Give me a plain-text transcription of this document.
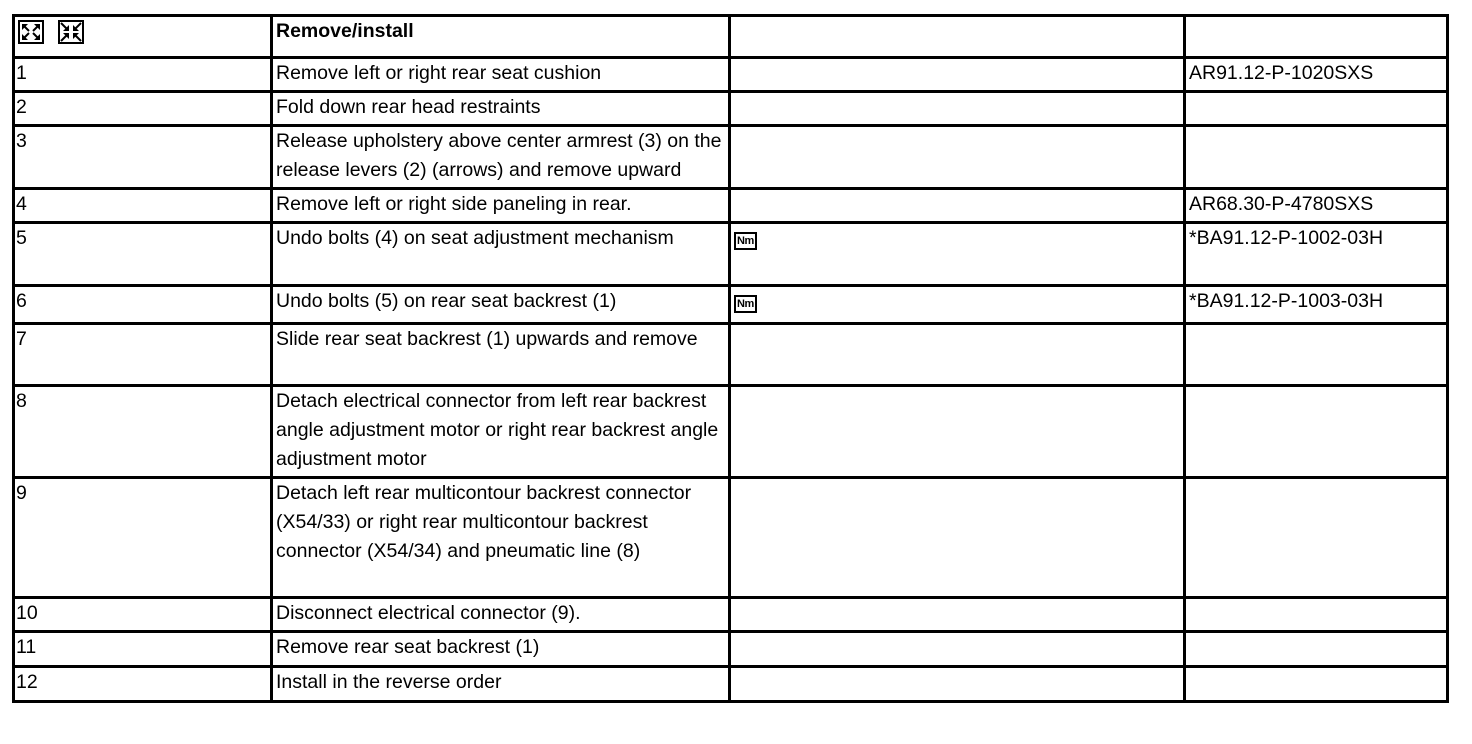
	Remove/install		
1	Remove left or right rear seat cushion		AR91.12-P-1020SXS
2	Fold down rear head restraints		
3	Release upholstery above center armrest (3) on the release levers (2) (arrows) and remove upward		
4	Remove left or right side paneling in rear.		AR68.30-P-4780SXS
5	Undo bolts (4) on seat adjustment mechanism	Nm	*BA91.12-P-1002-03H
6	Undo bolts (5) on rear seat backrest (1)	Nm	*BA91.12-P-1003-03H
7	Slide rear seat backrest (1) upwards and remove		
8	Detach electrical connector from left rear backrest angle adjustment motor or right rear backrest angle adjustment motor		
9	Detach left rear multicontour backrest connector (X54/33) or right rear multicontour backrest connector (X54/34) and pneumatic line (8)		
10	Disconnect electrical connector (9).		
11	Remove rear seat backrest (1)		
12	Install in the reverse order		
